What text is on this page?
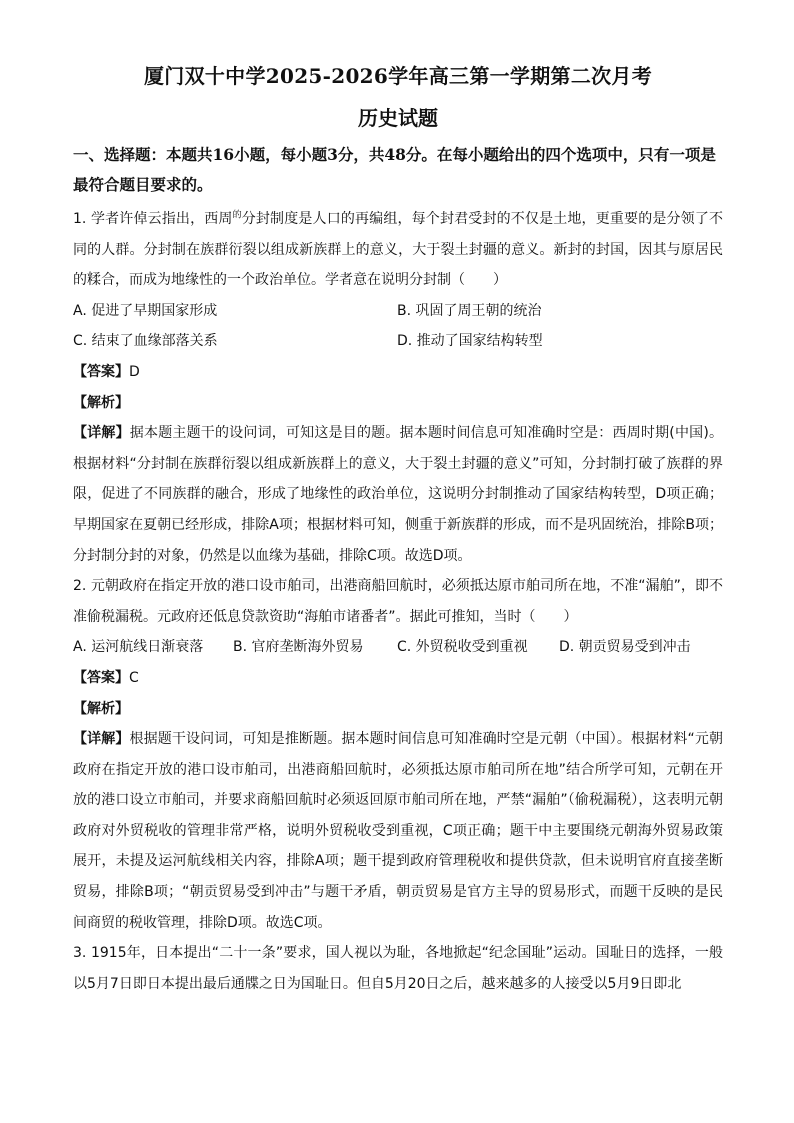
厦门双十中学2025-2026学年高三第一学期第二次月考
历史试题

一、选择题：本题共16小题，每小题3分，共48分。在每小题给出的四个选项中，只有一项是最符合题目要求的。

1. 学者许倬云指出，西周$^的$分封制度是人口的再编组，每个封君受封的不仅是土地，更重要的是分领了不同的人群。分封制在族群衍裂以组成新族群上的意义，大于裂土封疆的意义。新封的封国，因其与原居民的糅合，而成为地缘性的一个政治单位。学者意在说明分封制（　　）

A. 促进了早期国家形成	B. 巩固了周王朝的统治
C. 结束了血缘部落关系	D. 推动了国家结构转型

【答案】D

【解析】

【详解】据本题主题干的设问词，可知这是目的题。据本题时间信息可知准确时空是：西周时期(中国)。根据材料“分封制在族群衍裂以组成新族群上的意义，大于裂土封疆的意义”可知，分封制打破了族群的界限，促进了不同族群的融合，形成了地缘性的政治单位，这说明分封制推动了国家结构转型，D项正确；早期国家在夏朝已经形成，排除A项；根据材料可知，侧重于新族群的形成，而不是巩固统治，排除B项；分封制分封的对象，仍然是以血缘为基础，排除C项。故选D项。

2. 元朝政府在指定开放的港口设市舶司，出港商船回航时，必须抵达原市舶司所在地，不准“漏舶”，即不准偷税漏税。元政府还低息贷款资助“海舶市诸番者”。据此可推知，当时（　　）

A. 运河航线日渐衰落	B. 官府垄断海外贸易	C. 外贸税收受到重视	D. 朝贡贸易受到冲击

【答案】C

【解析】

【详解】根据题干设问词，可知是推断题。据本题时间信息可知准确时空是元朝（中国）。根据材料“元朝政府在指定开放的港口设市舶司，出港商船回航时，必须抵达原市舶司所在地”结合所学可知，元朝在开放的港口设立市舶司，并要求商船回航时必须返回原市舶司所在地，严禁“漏舶”（偷税漏税），这表明元朝政府对外贸税收的管理非常严格，说明外贸税收受到重视，C项正确；题干中主要围绕元朝海外贸易政策展开，未提及运河航线相关内容，排除A项；题干提到政府管理税收和提供贷款，但未说明官府直接垄断贸易，排除B项；“朝贡贸易受到冲击”与题干矛盾，朝贡贸易是官方主导的贸易形式，而题干反映的是民间商贸的税收管理，排除D项。故选C项。

3. 1915年，日本提出“二十一条”要求，国人视以为耻，各地掀起“纪念国耻”运动。国耻日的选择，一般以5月7日即日本提出最后通牒之日为国耻日。但自5月20日之后，越来越多的人接受以5月9日即北
